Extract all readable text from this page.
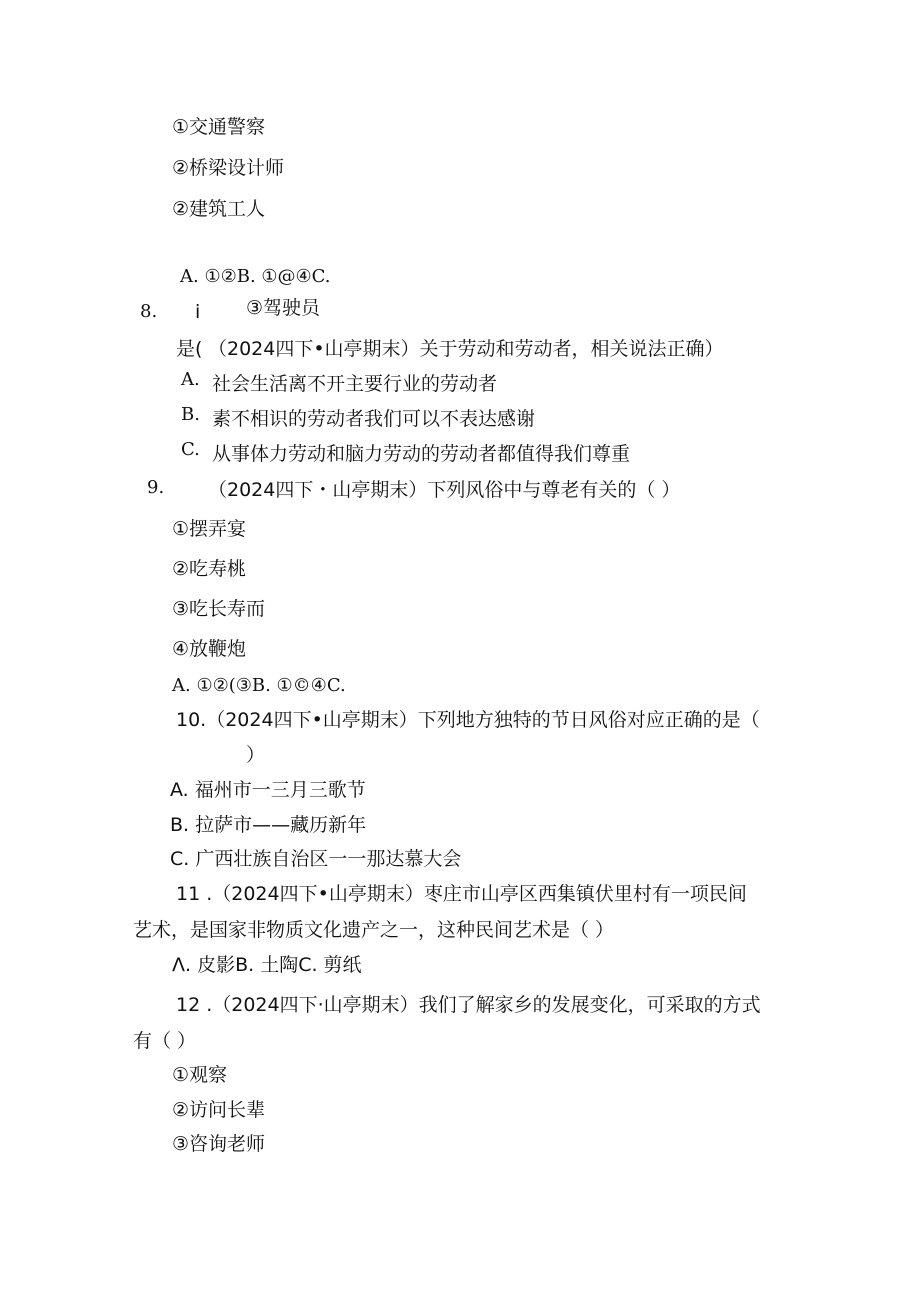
①交通警察
②桥梁设计师
②建筑工人
A. ①②B. ①@④C.
8. ⅰ ③驾驶员
是( （2024四下•山亭期末）关于劳动和劳动者，相关说法正确）
A. 社会生活离不开主要行业的劳动者
B. 素不相识的劳动者我们可以不表达感谢
C. 从事体力劳动和脑力劳动的劳动者都值得我们尊重
9. （2024四下・山亭期末）下列风俗中与尊老有关的（ ）
①摆弄宴
②吃寿桃
③吃长寿而
④放鞭炮
A. ①②(③B. ①©④C.
10.（2024四下•山亭期末）下列地方独特的节日风俗对应正确的是（
）
A. 福州市一三月三歌节
B. 拉萨市——藏历新年
C. 广西壮族自治区一一那达慕大会
11 .（2024四下•山亭期末）枣庄市山亭区西集镇伏里村有一项民间
艺术，是国家非物质文化遗产之一，这种民间艺术是（ ）
Λ. 皮影B. 土陶C. 剪纸
12 .（2024四下·山亭期末）我们了解家乡的发展变化，可采取的方式
有（ ）
①观察
②访问长辈
③咨询老师
